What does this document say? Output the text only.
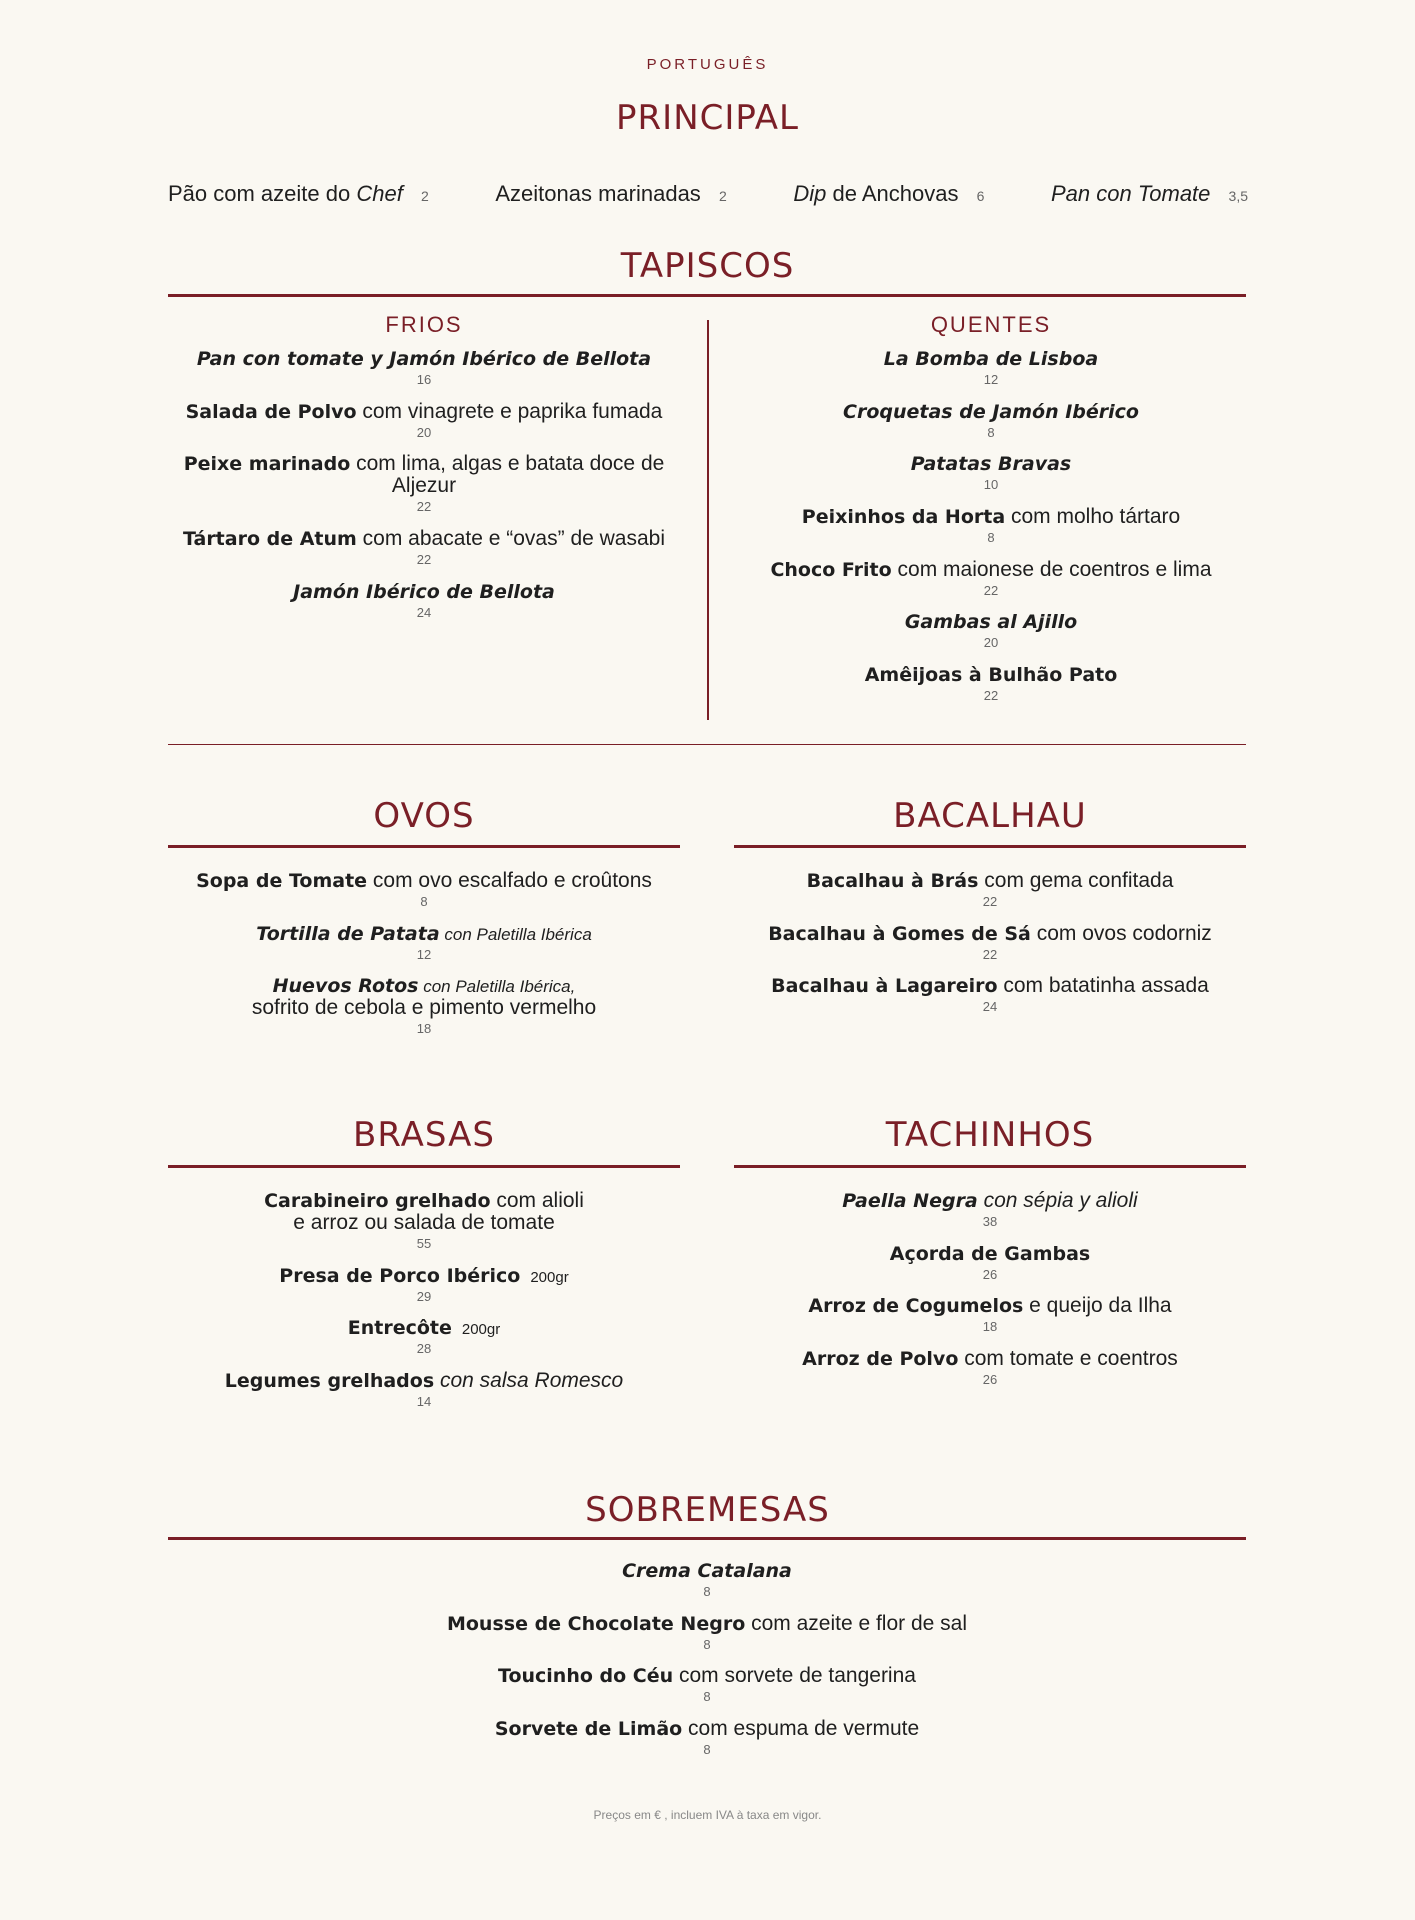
PORTUGUÊS
PRINCIPAL
Pão com azeite do Chef 2	Azeitonas marinadas 2	Dip de Anchovas 6	Pan con Tomate 3,5
TAPISCOS
FRIOS
Pan con tomate y Jamón Ibérico de Bellota
16
Salada de Polvo com vinagrete e paprika fumada
20
Peixe marinado com lima, algas e batata doce de Aljezur
22
Tártaro de Atum com abacate e “ovas” de wasabi
22
Jamón Ibérico de Bellota
24
QUENTES
La Bomba de Lisboa
12
Croquetas de Jamón Ibérico
8
Patatas Bravas
10
Peixinhos da Horta com molho tártaro
8
Choco Frito com maionese de coentros e lima
22
Gambas al Ajillo
20
Amêijoas à Bulhão Pato
22
OVOS
Sopa de Tomate com ovo escalfado e croûtons
8
Tortilla de Patata con Paletilla Ibérica
12
Huevos Rotos con Paletilla Ibérica,
sofrito de cebola e pimento vermelho
18
BACALHAU
Bacalhau à Brás com gema confitada
22
Bacalhau à Gomes de Sá com ovos codorniz
22
Bacalhau à Lagareiro com batatinha assada
24
BRASAS
Carabineiro grelhado com alioli
e arroz ou salada de tomate
55
Presa de Porco Ibérico 200gr
29
Entrecôte 200gr
28
Legumes grelhados con salsa Romesco
14
TACHINHOS
Paella Negra con sépia y alioli
38
Açorda de Gambas
26
Arroz de Cogumelos e queijo da Ilha
18
Arroz de Polvo com tomate e coentros
26
SOBREMESAS
Crema Catalana
8
Mousse de Chocolate Negro com azeite e flor de sal
8
Toucinho do Céu com sorvete de tangerina
8
Sorvete de Limão com espuma de vermute
8
Preços em € , incluem IVA à taxa em vigor.
